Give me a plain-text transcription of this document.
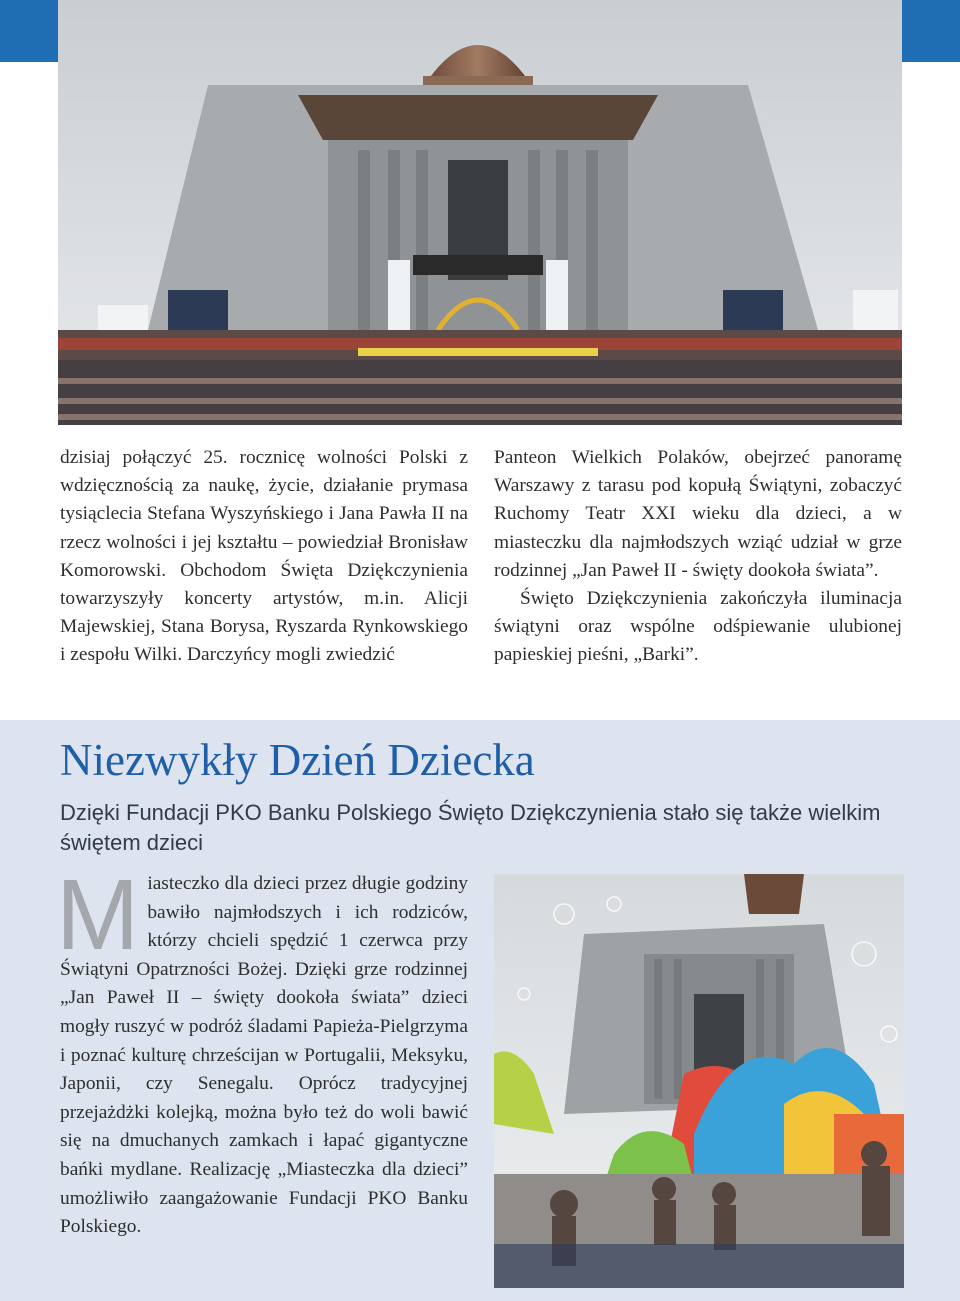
dzisiaj połączyć 25. rocznicę wolności Polski z wdzięcznością za naukę, życie, działanie prymasa tysiąclecia Stefana Wyszyńskiego i Jana Pawła II na rzecz wolności i jej kształtu – powiedział Bronisław Komorowski. Obchodom Święta Dziękczynienia towarzyszyły koncerty artystów, m.in. Alicji Majewskiej, Stana Borysa, Ryszarda Rynkowskiego i zespołu Wilki. Darczyńcy mogli zwiedzić

Panteon Wielkich Polaków, obejrzeć panoramę Warszawy z tarasu pod kopułą Świątyni, zobaczyć Ruchomy Teatr XXI wieku dla dzieci, a w miasteczku dla najmłodszych wziąć udział w grze rodzinnej „Jan Paweł II - święty dookoła świata”.

Święto Dziękczynienia zakończyła iluminacja świątyni oraz wspólne odśpiewanie ulubionej papieskiej pieśni, „Barki”.

Niezwykły Dzień Dziecka
Dzięki Fundacji PKO Banku Polskiego Święto Dziękczynienia stało się także wielkim świętem dzieci
M iasteczko dla dzieci przez długie godziny bawiło najmłodszych i ich rodziców, którzy chcieli spędzić 1 czerwca przy Świątyni Opatrzności Bożej. Dzięki grze rodzinnej „Jan Paweł II – święty dookoła świata” dzieci mogły ruszyć w podróż śladami Papieża-Pielgrzyma i poznać kulturę chrześcijan w Portugalii, Meksyku, Japonii, czy Senegalu. Oprócz tradycyjnej przejażdżki kolejką, można było też do woli bawić się na dmuchanych zamkach i łapać gigantyczne bańki mydlane. Realizację „Miasteczka dla dzieci” umożliwiło zaangażowanie Fundacji PKO Banku Polskiego.
